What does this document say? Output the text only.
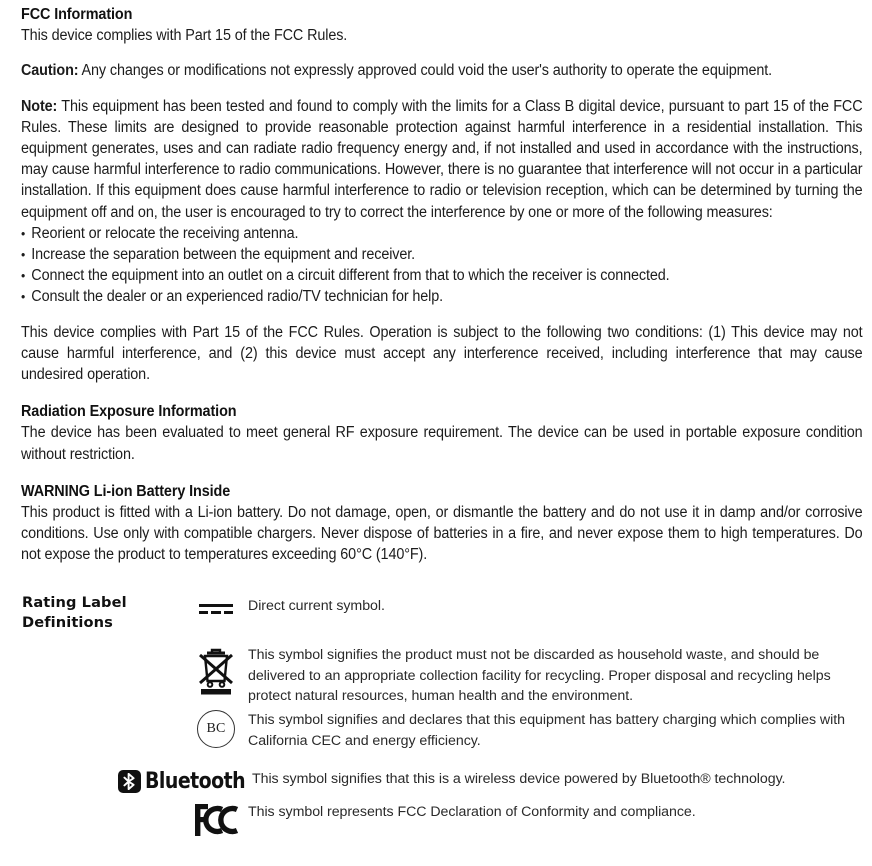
FCC Information
This device complies with Part 15 of the FCC Rules.
Caution: Any changes or modifications not expressly approved could void the user's authority to operate the equipment.
Note: This equipment has been tested and found to comply with the limits for a Class B digital device, pursuant to part 15 of the FCC Rules. These limits are designed to provide reasonable protection against harmful interference in a residential installation. This equipment generates, uses and can radiate radio frequency energy and, if not installed and used in accordance with the instructions, may cause harmful interference to radio communications. However, there is no guarantee that interference will not occur in a particular installation. If this equipment does cause harmful interference to radio or television reception, which can be determined by turning the equipment off and on, the user is encouraged to try to correct the interference by one or more of the following measures:
• Reorient or relocate the receiving antenna.
• Increase the separation between the equipment and receiver.
• Connect the equipment into an outlet on a circuit different from that to which the receiver is connected.
• Consult the dealer or an experienced radio/TV technician for help.
This device complies with Part 15 of the FCC Rules. Operation is subject to the following two conditions: (1) This device may not cause harmful interference, and (2) this device must accept any interference received, including interference that may cause undesired operation.
Radiation Exposure Information
The device has been evaluated to meet general RF exposure requirement. The device can be used in portable exposure condition without restriction.
WARNING Li-ion Battery Inside
This product is fitted with a Li-ion battery. Do not damage, open, or dismantle the battery and do not use it in damp and/or corrosive conditions. Use only with compatible chargers. Never dispose of batteries in a fire, and never expose them to high temperatures. Do not expose the product to temperatures exceeding 60°C (140°F).
Rating Label
Definitions
Direct current symbol.
This symbol signifies the product must not be discarded as household waste, and should be delivered to an appropriate collection facility for recycling. Proper disposal and recycling helps protect natural resources, human health and the environment.
BC
This symbol signifies and declares that this equipment has battery charging which complies with California CEC and energy efficiency.
Bluetooth This symbol signifies that this is a wireless device powered by Bluetooth® technology.
This symbol represents FCC Declaration of Conformity and compliance.
